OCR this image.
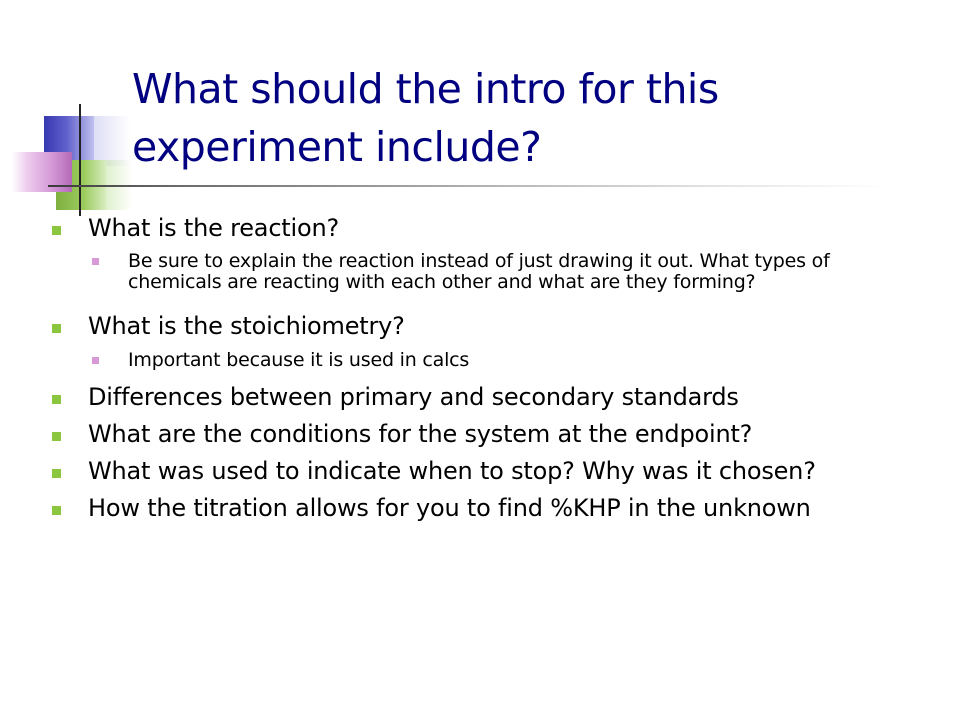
What should the intro for this experiment include?
What is the reaction?
Be sure to explain the reaction instead of just drawing it out. What types of chemicals are reacting with each other and what are they forming?
What is the stoichiometry?
Important because it is used in calcs
Differences between primary and secondary standards
What are the conditions for the system at the endpoint?
What was used to indicate when to stop? Why was it chosen?
How the titration allows for you to find %KHP in the unknown
